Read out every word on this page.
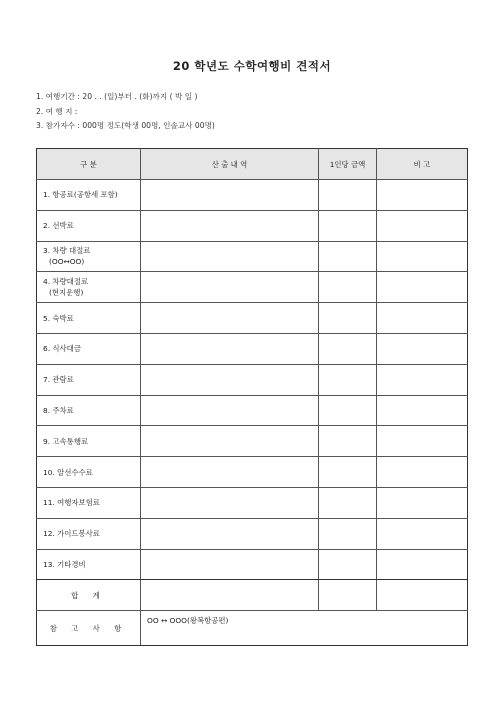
20 학년도 수학여행비 견적서
1. 여행기간 : 20 . . (일)부터 . (화)까지 ( 박 일 )
2. 여 행 지 :
3. 참가자수 : 000명 정도(학생 00명, 인솔교사 00명)
구 분	산 출 내 역	1인당 금액	비 고

1. 항공료(공항세 포함)			

2. 선박료			

3. 차량 대절료
(OO↔OO)			

4. 차량대절료
(현지운행)			

5. 숙박료			

6. 식사대금			

7. 관람료			

8. 주차료			

9. 고속통행료			

10. 알선수수료			

11. 여행자보험료			

12. 가이드봉사료			

13. 기타경비			

합 계			
참 고 사 항	OO ↔ OOO(왕복항공편)		
